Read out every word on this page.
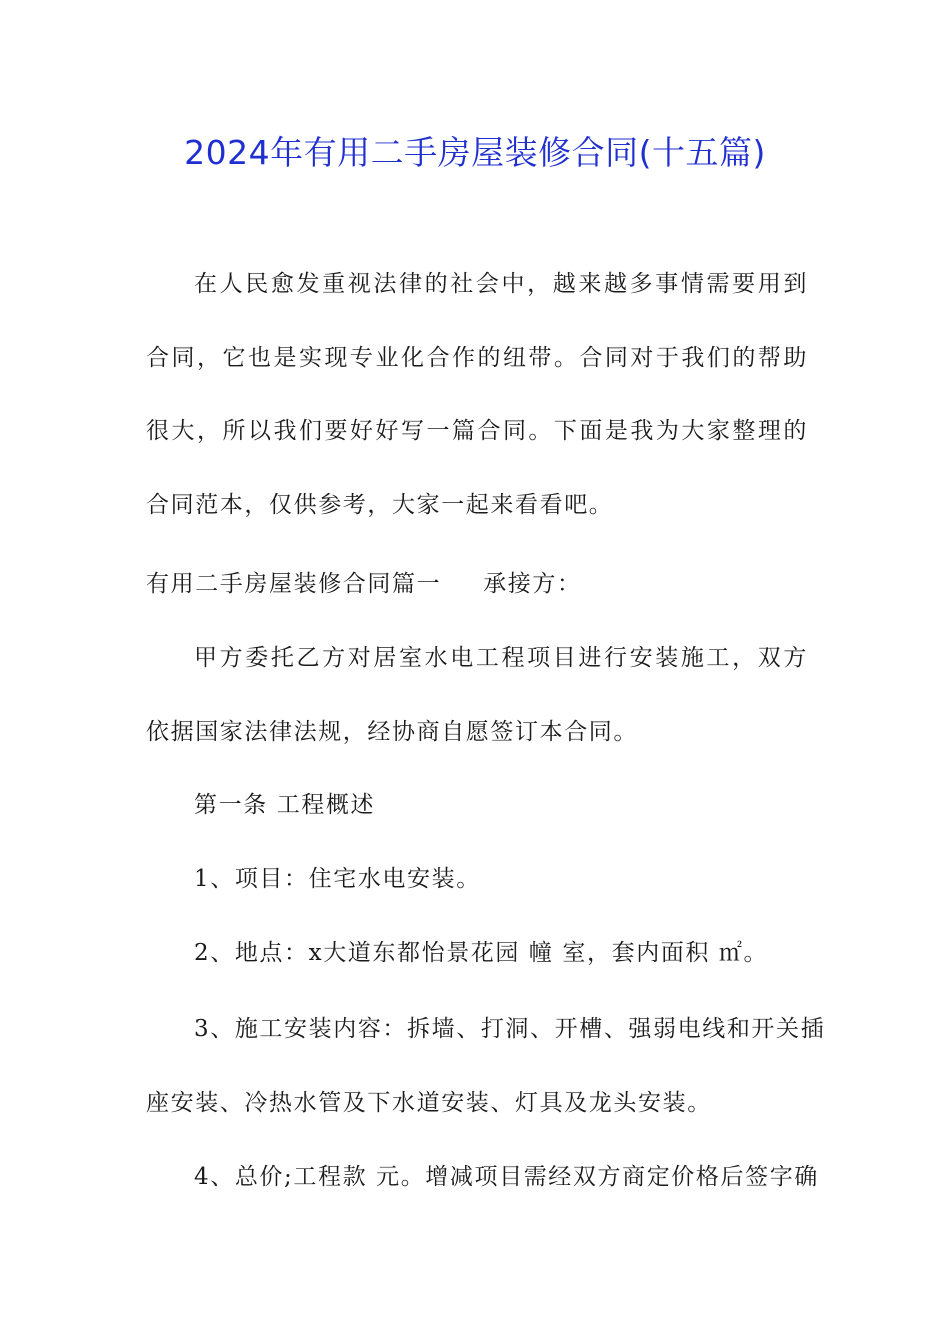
2024年有用二手房屋装修合同(十五篇)
在人民愈发重视法律的社会中，越来越多事情需要用到合同，它也是实现专业化合作的纽带。合同对于我们的帮助很大，所以我们要好好写一篇合同。下面是我为大家整理的合同范本，仅供参考，大家一起来看看吧。
有用二手房屋装修合同篇一 承接方：
甲方委托乙方对居室水电工程项目进行安装施工，双方依据国家法律法规，经协商自愿签订本合同。
第一条 工程概述
1、项目：住宅水电安装。
2、地点：x大道东都怡景花园 幢 室，套内面积 ㎡。
3、施工安装内容：拆墙、打洞、开槽、强弱电线和开关插
座安装、冷热水管及下水道安装、灯具及龙头安装。
4、总价;工程款 元。增减项目需经双方商定价格后签字确
